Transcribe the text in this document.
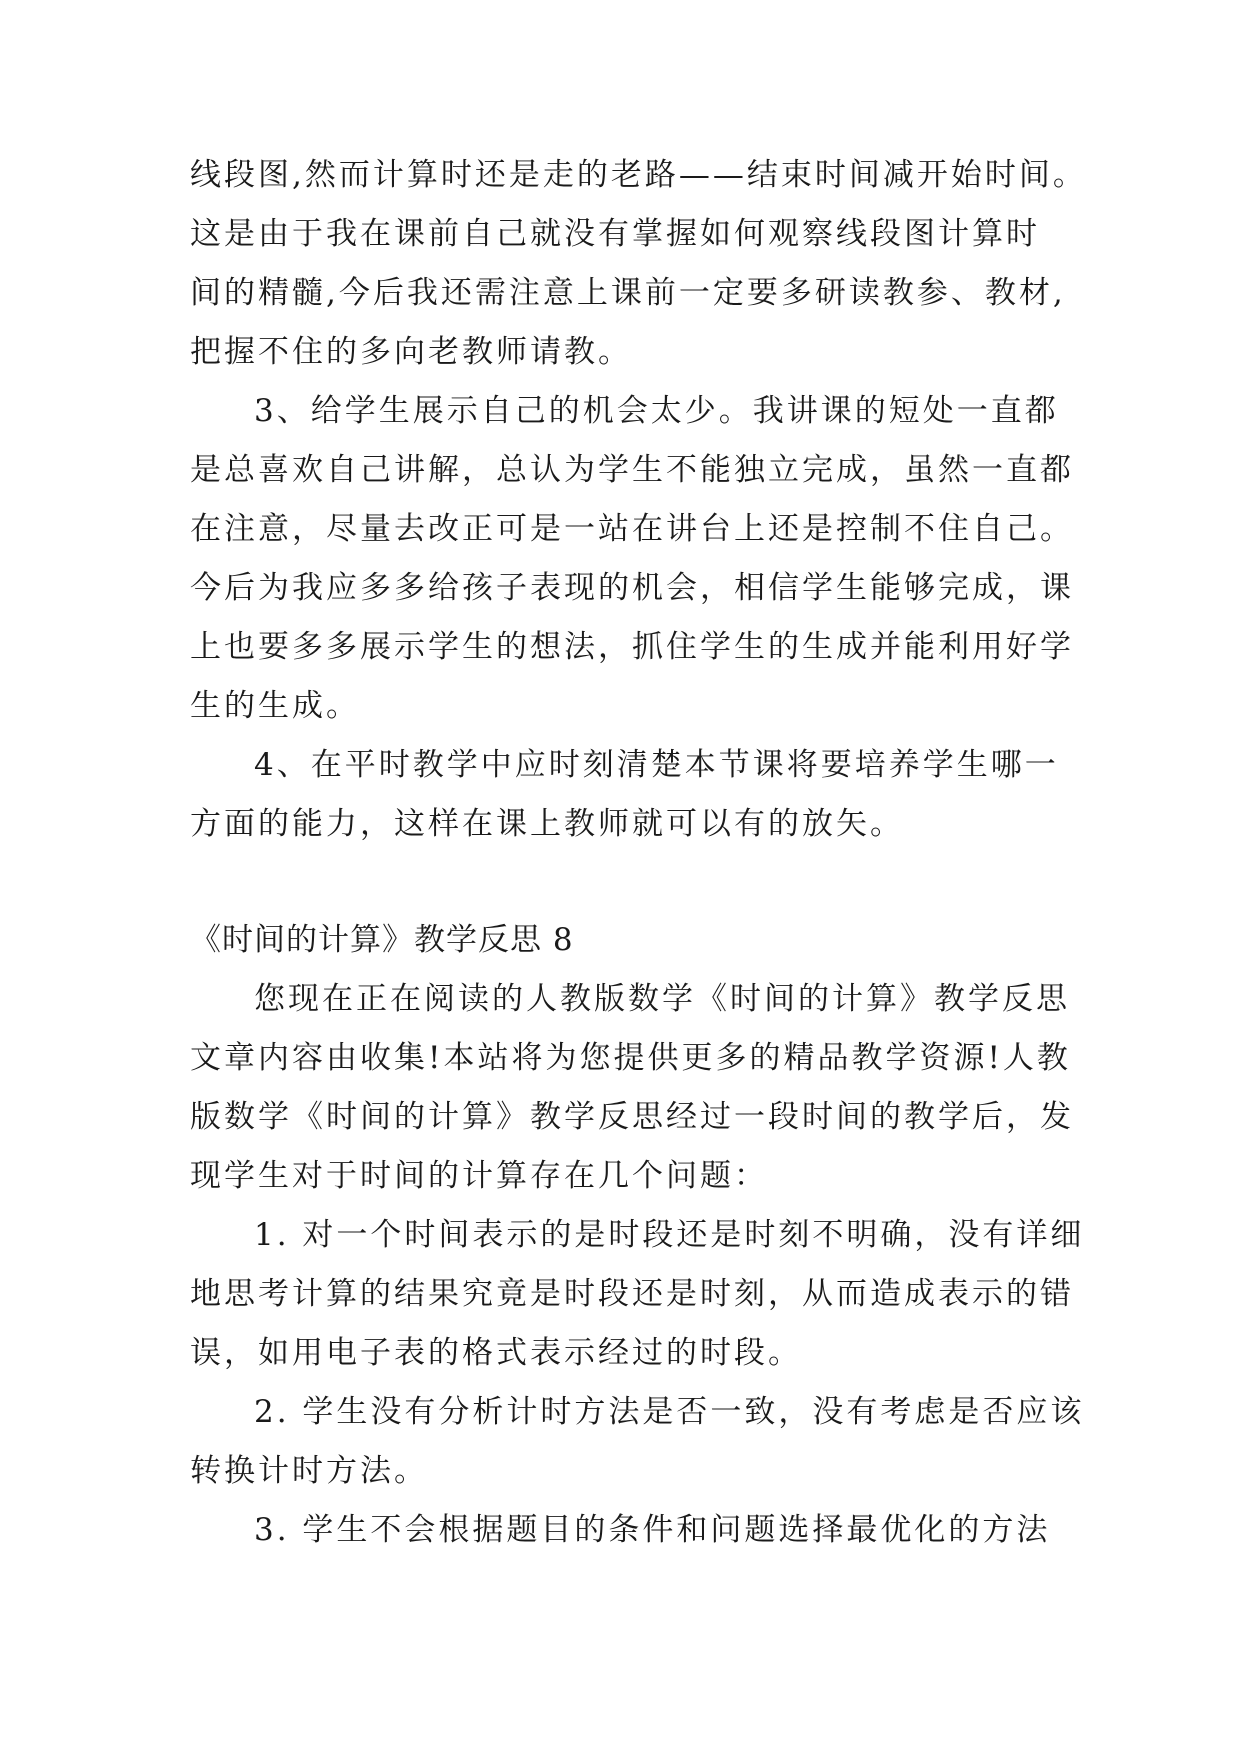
线段图,然而计算时还是走的老路——结束时间减开始时间。
这是由于我在课前自己就没有掌握如何观察线段图计算时
间的精髓,今后我还需注意上课前一定要多研读教参、教材,
把握不住的多向老教师请教。
3、给学生展示自己的机会太少。我讲课的短处一直都
是总喜欢自己讲解，总认为学生不能独立完成，虽然一直都
在注意，尽量去改正可是一站在讲台上还是控制不住自己。
今后为我应多多给孩子表现的机会，相信学生能够完成，课
上也要多多展示学生的想法，抓住学生的生成并能利用好学
生的生成。
4、在平时教学中应时刻清楚本节课将要培养学生哪一
方面的能力，这样在课上教师就可以有的放矢。
《时间的计算》教学反思 8
您现在正在阅读的人教版数学《时间的计算》教学反思
文章内容由收集!本站将为您提供更多的精品教学资源!人教
版数学《时间的计算》教学反思经过一段时间的教学后，发
现学生对于时间的计算存在几个问题：
1. 对一个时间表示的是时段还是时刻不明确，没有详细
地思考计算的结果究竟是时段还是时刻，从而造成表示的错
误，如用电子表的格式表示经过的时段。
2. 学生没有分析计时方法是否一致，没有考虑是否应该
转换计时方法。
3. 学生不会根据题目的条件和问题选择最优化的方法
